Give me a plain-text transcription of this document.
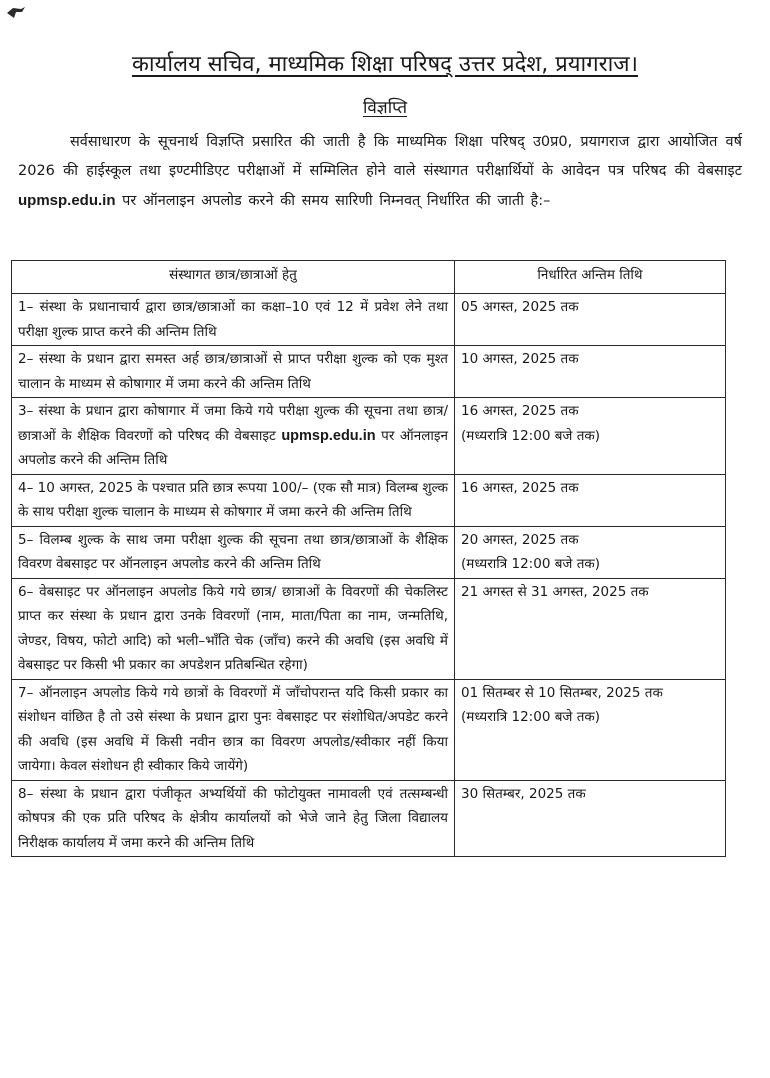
कार्यालय सचिव, माध्यमिक शिक्षा परिषद् उत्तर प्रदेश, प्रयागराज।
विज्ञप्ति
सर्वसाधारण के सूचनार्थ विज्ञप्ति प्रसारित की जाती है कि माध्यमिक शिक्षा परिषद् उ0प्र0, प्रयागराज द्वारा आयोजित वर्ष 2026 की हाईस्कूल तथा इण्टमीडिएट परीक्षाओं में सम्मिलित होने वाले संस्थागत परीक्षार्थियों के आवेदन पत्र परिषद की वेबसाइट upmsp.edu.in पर ऑनलाइन अपलोड करने की समय सारिणी निम्नवत् निर्धारित की जाती है:–
संस्थागत छात्र/छात्राओं हेतु	निर्धारित अन्तिम तिथि
1– संस्था के प्रधानाचार्य द्वारा छात्र/छात्राओं का कक्षा–10 एवं 12 में प्रवेश लेने तथा परीक्षा शुल्क प्राप्त करने की अन्तिम तिथि	05 अगस्त, 2025 तक

2– संस्था के प्रधान द्वारा समस्त अर्ह छात्र/छात्राओं से प्राप्त परीक्षा शुल्क को एक मुश्त चालान के माध्यम से कोषागार में जमा करने की अन्तिम तिथि	10 अगस्त, 2025 तक

3– संस्था के प्रधान द्वारा कोषागार में जमा किये गये परीक्षा शुल्क की सूचना तथा छात्र/छात्राओं के शैक्षिक विवरणों को परिषद की वेबसाइट upmsp.edu.in पर ऑनलाइन अपलोड करने की अन्तिम तिथि	16 अगस्त, 2025 तक
(मध्यरात्रि 12:00 बजे तक)

4– 10 अगस्त, 2025 के पश्चात प्रति छात्र रूपया 100/– (एक सौ मात्र) विलम्ब शुल्क के साथ परीक्षा शुल्क चालान के माध्यम से कोषगार में जमा करने की अन्तिम तिथि	16 अगस्त, 2025 तक

5– विलम्ब शुल्क के साथ जमा परीक्षा शुल्क की सूचना तथा छात्र/छात्राओं के शैक्षिक विवरण वेबसाइट पर ऑनलाइन अपलोड करने की अन्तिम तिथि	20 अगस्त, 2025 तक
(मध्यरात्रि 12:00 बजे तक)

6– वेबसाइट पर ऑनलाइन अपलोड किये गये छात्र/ छात्राओं के विवरणों की चेकलिस्ट प्राप्त कर संस्था के प्रधान द्वारा उनके विवरणों (नाम, माता/पिता का नाम, जन्मतिथि, जेण्डर, विषय, फोटो आदि) को भली–भाँति चेक (जाँच) करने की अवधि (इस अवधि में वेबसाइट पर किसी भी प्रकार का अपडेशन प्रतिबन्धित रहेगा)	21 अगस्त से 31 अगस्त, 2025 तक

7– ऑनलाइन अपलोड किये गये छात्रों के विवरणों में जाँचोपरान्त यदि किसी प्रकार का संशोधन वांछित है तो उसे संस्था के प्रधान द्वारा पुनः वेबसाइट पर संशोधित/अपडेट करने की अवधि (इस अवधि में किसी नवीन छात्र का विवरण अपलोड/स्वीकार नहीं किया जायेगा। केवल संशोधन ही स्वीकार किये जायेंगे)	01 सितम्बर से 10 सितम्बर, 2025 तक
(मध्यरात्रि 12:00 बजे तक)

8– संस्था के प्रधान द्वारा पंजीकृत अभ्यर्थियों की फोटोयुक्त नामावली एवं तत्सम्बन्धी कोषपत्र की एक प्रति परिषद के क्षेत्रीय कार्यालयों को भेजे जाने हेतु जिला विद्यालय निरीक्षक कार्यालय में जमा करने की अन्तिम तिथि	30 सितम्बर, 2025 तक
